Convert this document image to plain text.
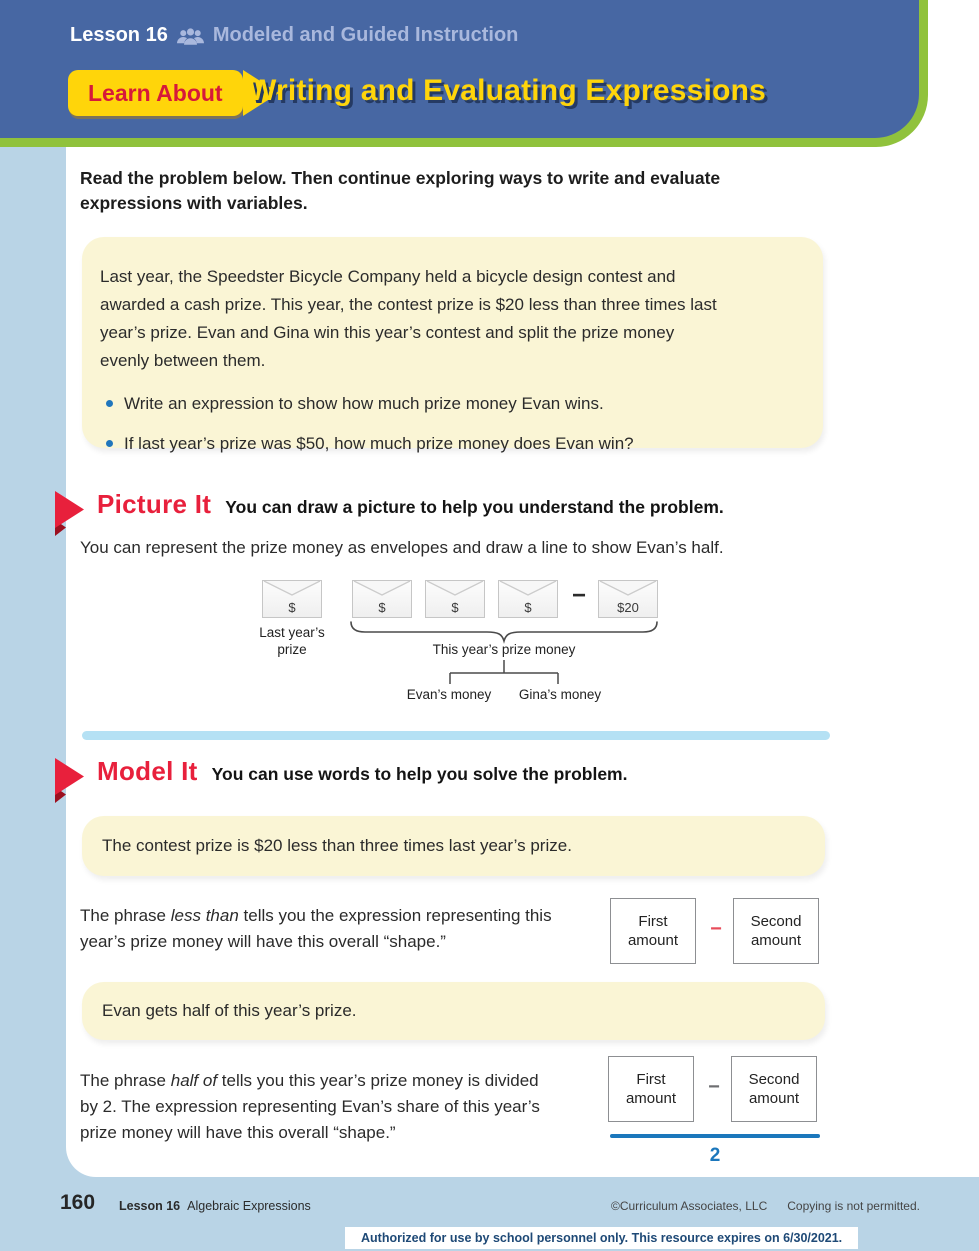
Lesson 16 Modeled and Guided Instruction
Learn About Writing and Evaluating Expressions
Read the problem below. Then continue exploring ways to write and evaluate expressions with variables.

Last year, the Speedster Bicycle Company held a bicycle design contest and awarded a cash prize. This year, the contest prize is $20 less than three times last year’s prize. Evan and Gina win this year’s contest and split the prize money evenly between them.

Write an expression to show how much prize money Evan wins.
If last year’s prize was $50, how much prize money does Evan win?
Picture It You can draw a picture to help you understand the problem.
You can represent the prize money as envelopes and draw a line to show Evan’s half.
$	$	$	$	−	$20
Last year’s prize	This year’s prize money
Evan’s money	Gina’s money
Model It You can use words to help you solve the problem.
The contest prize is $20 less than three times last year’s prize.
The phrase less than tells you the expression representing this year’s prize money will have this overall “shape.”
First amount
−	Second amount
Evan gets half of this year’s prize.
The phrase half of tells you this year’s prize money is divided by 2. The expression representing Evan’s share of this year’s prize money will have this overall “shape.”
First amount
−	Second amount
2
160 Lesson 16 Algebraic Expressions	©Curriculum Associates, LLC Copying is not permitted.
Authorized for use by school personnel only. This resource expires on 6/30/2021.
